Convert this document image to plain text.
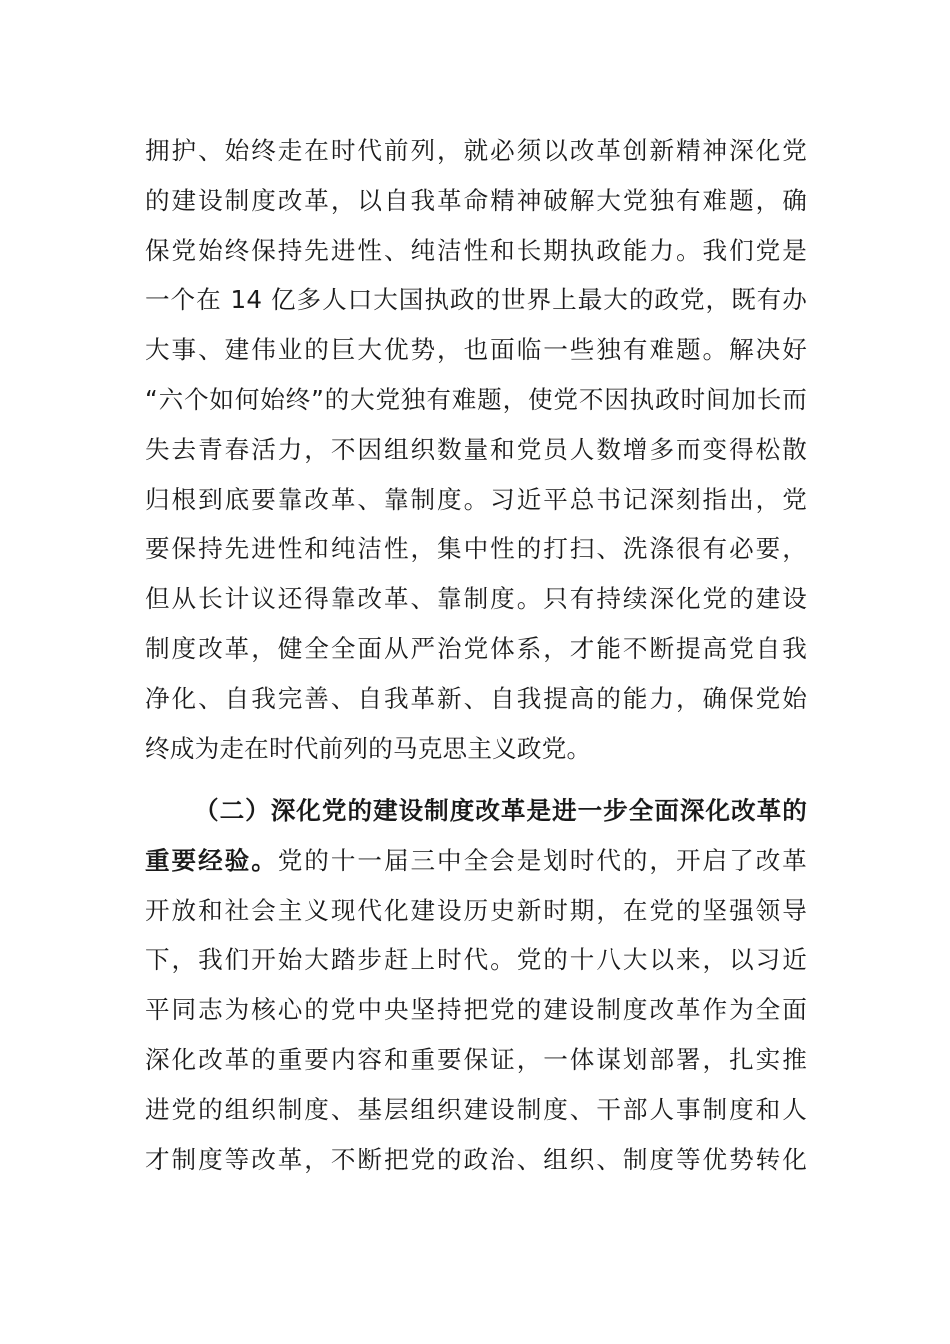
拥护、始终走在时代前列，就必须以改革创新精神深化党
的建设制度改革，以自我革命精神破解大党独有难题，确
保党始终保持先进性、纯洁性和长期执政能力。我们党是
一个在 14 亿多人口大国执政的世界上最大的政党，既有办
大事、建伟业的巨大优势，也面临一些独有难题。解决好
“六个如何始终”的大党独有难题，使党不因执政时间加长而
失去青春活力，不因组织数量和党员人数增多而变得松散
归根到底要靠改革、靠制度。习近平总书记深刻指出，党
要保持先进性和纯洁性，集中性的打扫、洗涤很有必要，
但从长计议还得靠改革、靠制度。只有持续深化党的建设
制度改革，健全全面从严治党体系，才能不断提高党自我
净化、自我完善、自我革新、自我提高的能力，确保党始
终成为走在时代前列的马克思主义政党。
（二）深化党的建设制度改革是进一步全面深化改革的
重要经验。党的十一届三中全会是划时代的，开启了改革
开放和社会主义现代化建设历史新时期，在党的坚强领导
下，我们开始大踏步赶上时代。党的十八大以来，以习近
平同志为核心的党中央坚持把党的建设制度改革作为全面
深化改革的重要内容和重要保证，一体谋划部署，扎实推
进党的组织制度、基层组织建设制度、干部人事制度和人
才制度等改革，不断把党的政治、组织、制度等优势转化
